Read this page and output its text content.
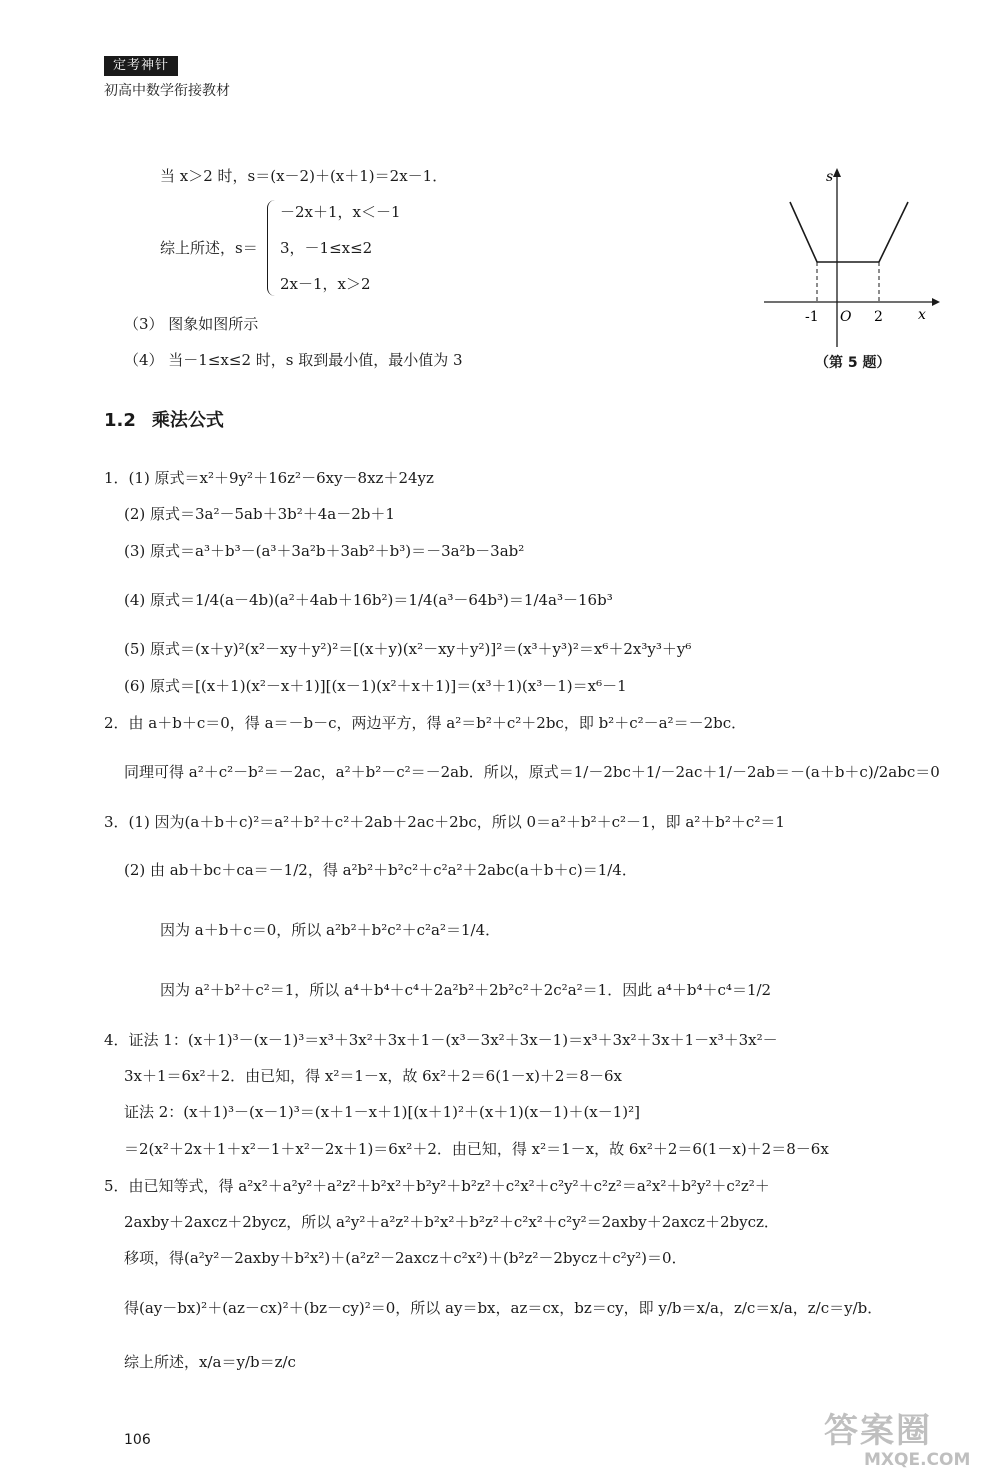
定考神针
初高中数学衔接教材
当 x＞2 时，s＝(x－2)＋(x＋1)＝2x－1．
综上所述，s＝
－2x＋1，x＜－1
3，－1≤x≤2
2x－1，x＞2
（3） 图象如图所示
（4） 当－1≤x≤2 时，s 取到最小值，最小值为 3
s
x
O
-1	2
（第 5 题）
1.2 乘法公式
1．(1) 原式＝x²＋9y²＋16z²－6xy－8xz＋24yz
(2) 原式＝3a²－5ab＋3b²＋4a－2b＋1
(3) 原式＝a³＋b³－(a³＋3a²b＋3ab²＋b³)＝－3a²b－3ab²
(4) 原式＝1/4(a－4b)(a²＋4ab＋16b²)＝1/4(a³－64b³)＝1/4a³－16b³
(5) 原式＝(x＋y)²(x²－xy＋y²)²＝[(x＋y)(x²－xy＋y²)]²＝(x³＋y³)²＝x⁶＋2x³y³＋y⁶
(6) 原式＝[(x＋1)(x²－x＋1)][(x－1)(x²＋x＋1)]＝(x³＋1)(x³－1)＝x⁶－1
2．由 a＋b＋c＝0，得 a＝－b－c，两边平方，得 a²＝b²＋c²＋2bc，即 b²＋c²－a²＝－2bc．
同理可得 a²＋c²－b²＝－2ac，a²＋b²－c²＝－2ab．所以，原式＝1/－2bc＋1/－2ac＋1/－2ab＝－(a＋b＋c)/2abc＝0
3．(1) 因为(a＋b＋c)²＝a²＋b²＋c²＋2ab＋2ac＋2bc，所以 0＝a²＋b²＋c²－1，即 a²＋b²＋c²＝1
(2) 由 ab＋bc＋ca＝－1/2，得 a²b²＋b²c²＋c²a²＋2abc(a＋b＋c)＝1/4．
因为 a＋b＋c＝0，所以 a²b²＋b²c²＋c²a²＝1/4．
因为 a²＋b²＋c²＝1，所以 a⁴＋b⁴＋c⁴＋2a²b²＋2b²c²＋2c²a²＝1．因此 a⁴＋b⁴＋c⁴＝1/2
4．证法 1：(x＋1)³－(x－1)³＝x³＋3x²＋3x＋1－(x³－3x²＋3x－1)＝x³＋3x²＋3x＋1－x³＋3x²－
3x＋1＝6x²＋2．由已知，得 x²＝1－x，故 6x²＋2＝6(1－x)＋2＝8－6x
证法 2：(x＋1)³－(x－1)³＝(x＋1－x＋1)[(x＋1)²＋(x＋1)(x－1)＋(x－1)²]
＝2(x²＋2x＋1＋x²－1＋x²－2x＋1)＝6x²＋2．由已知，得 x²＝1－x，故 6x²＋2＝6(1－x)＋2＝8－6x
5．由已知等式，得 a²x²＋a²y²＋a²z²＋b²x²＋b²y²＋b²z²＋c²x²＋c²y²＋c²z²＝a²x²＋b²y²＋c²z²＋
2axby＋2axcz＋2bycz，所以 a²y²＋a²z²＋b²x²＋b²z²＋c²x²＋c²y²＝2axby＋2axcz＋2bycz．
移项，得(a²y²－2axby＋b²x²)＋(a²z²－2axcz＋c²x²)＋(b²z²－2bycz＋c²y²)＝0．
得(ay－bx)²＋(az－cx)²＋(bz－cy)²＝0，所以 ay＝bx，az＝cx，bz＝cy，即 y/b＝x/a，z/c＝x/a，z/c＝y/b．
综上所述，x/a＝y/b＝z/c
106	答案圈
MXQE.COM
